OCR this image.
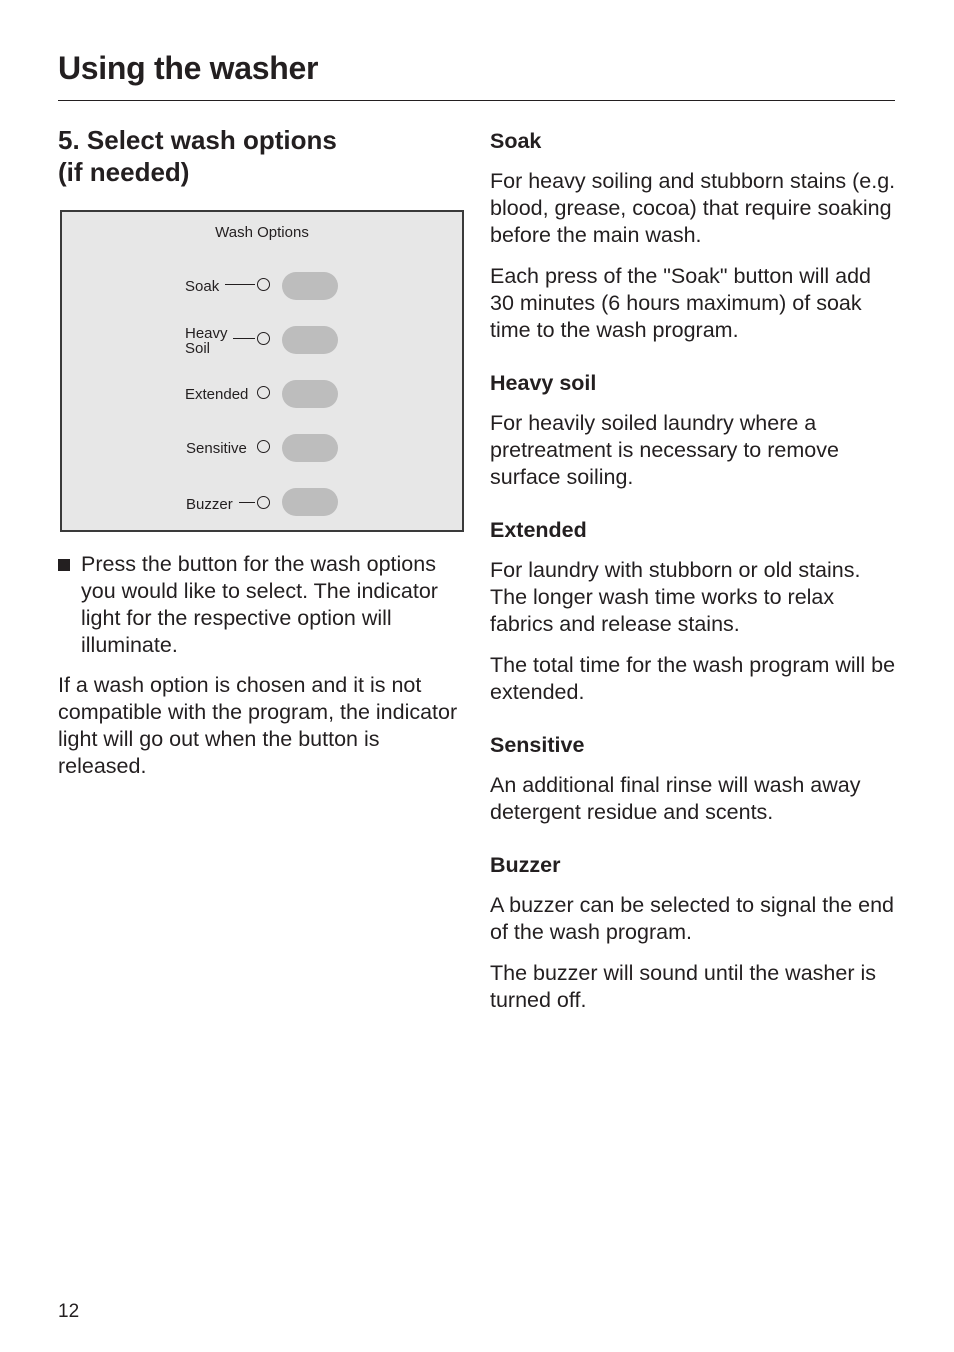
Using the washer
5. Select wash options
(if needed)
Wash Options
Soak
Heavy
Soil
Extended
Sensitive
Buzzer
Press the button for the wash options you would like to select. The indicator light for the respective option will illuminate.

If a wash option is chosen and it is not compatible with the program, the indicator light will go out when the button is released.

Soak

For heavy soiling and stubborn stains (e.g. blood, grease, cocoa) that require soaking before the main wash.

Each press of the "Soak" button will add 30 minutes (6 hours maximum) of soak time to the wash program.

Heavy soil

For heavily soiled laundry where a pretreatment is necessary to remove surface soiling.

Extended

For laundry with stubborn or old stains. The longer wash time works to relax fabrics and release stains.

The total time for the wash program will be extended.

Sensitive

An additional final rinse will wash away detergent residue and scents.

Buzzer

A buzzer can be selected to signal the end of the wash program.

The buzzer will sound until the washer is turned off.

12
